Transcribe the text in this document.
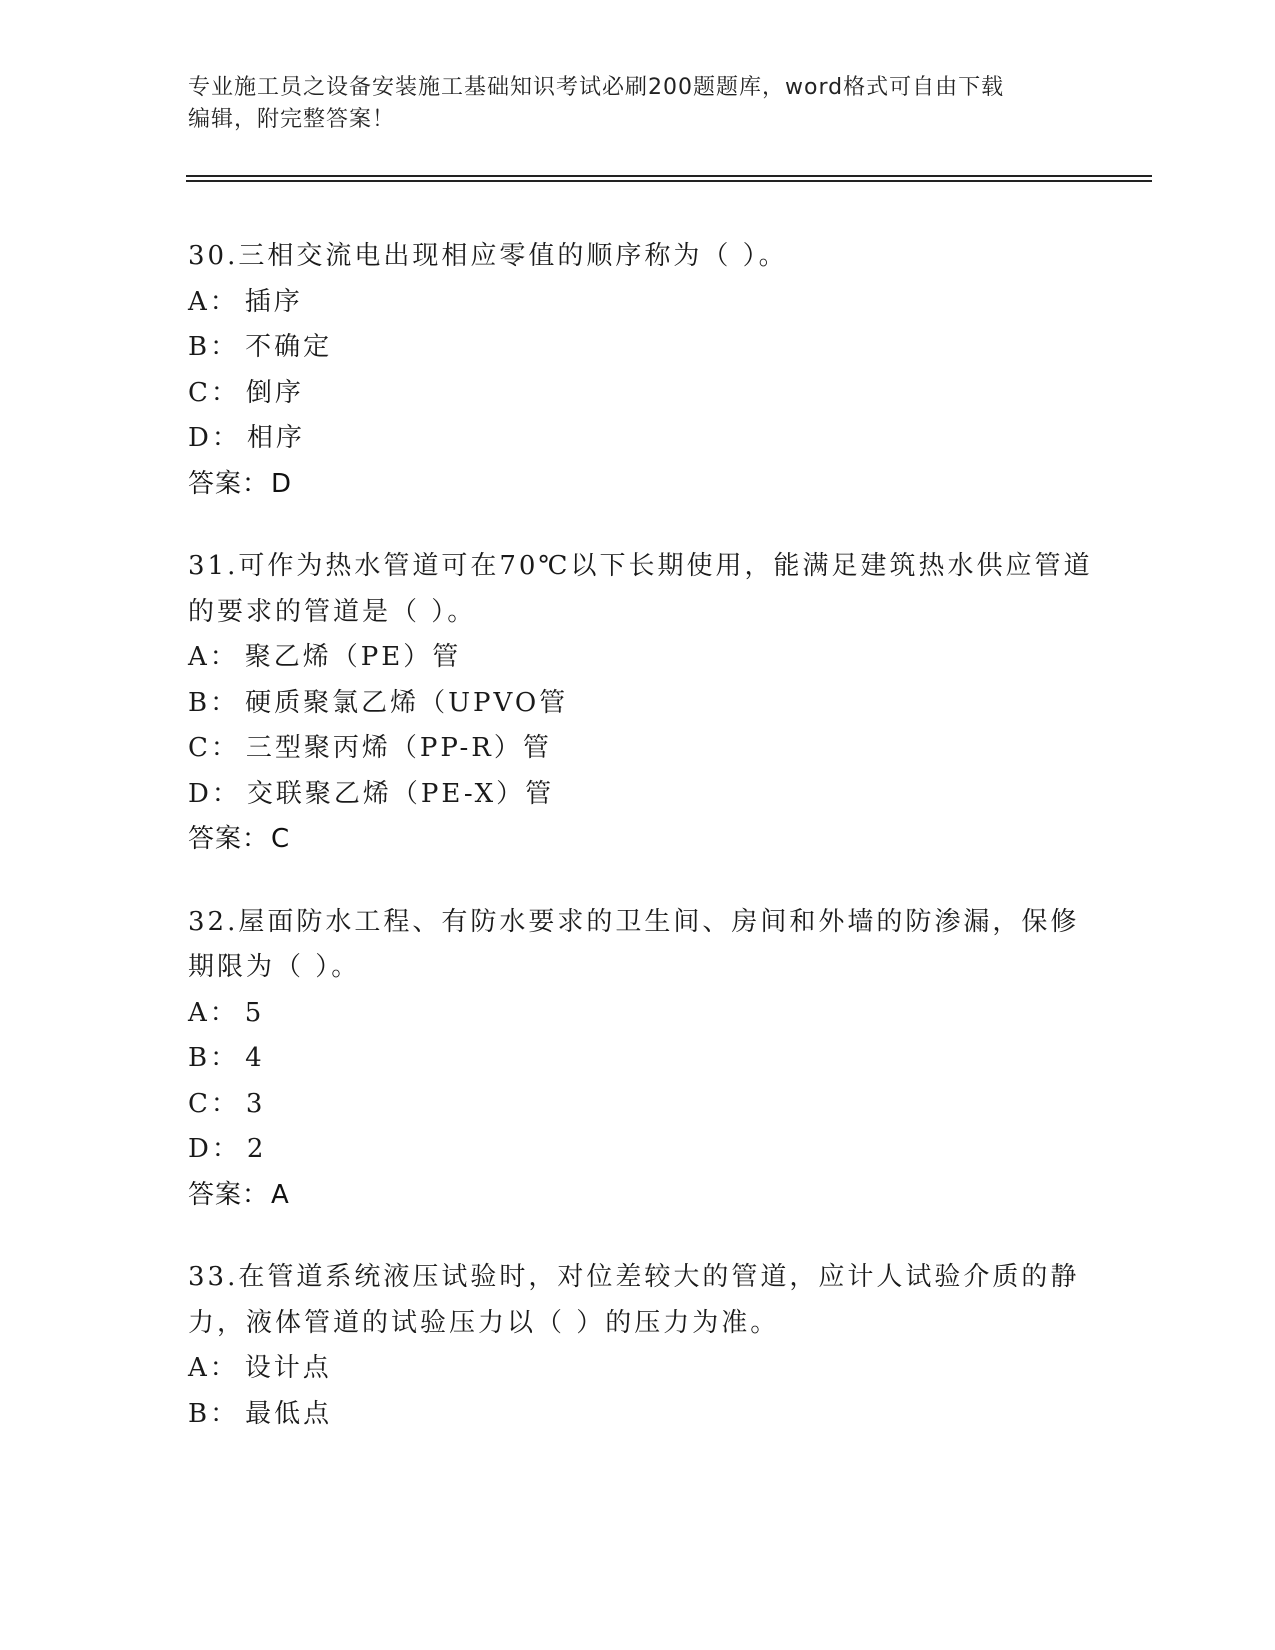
专业施工员之设备安装施工基础知识考试必刷200题题库，word格式可自由下载
编辑，附完整答案！
30.三相交流电出现相应零值的顺序称为（ ）。
A： 插序
B： 不确定
C： 倒序
D： 相序
答案：D
31.可作为热水管道可在70℃以下长期使用，能满足建筑热水供应管道
的要求的管道是（ ）。
A： 聚乙烯（PE）管
B： 硬质聚氯乙烯（UPVO管
C： 三型聚丙烯（PP-R）管
D： 交联聚乙烯（PE-X）管
答案：C
32.屋面防水工程、有防水要求的卫生间、房间和外墙的防渗漏，保修
期限为（ ）。
A： 5
B： 4
C： 3
D： 2
答案：A
33.在管道系统液压试验时，对位差较大的管道，应计人试验介质的静
力，液体管道的试验压力以（ ）的压力为准。
A： 设计点
B： 最低点
